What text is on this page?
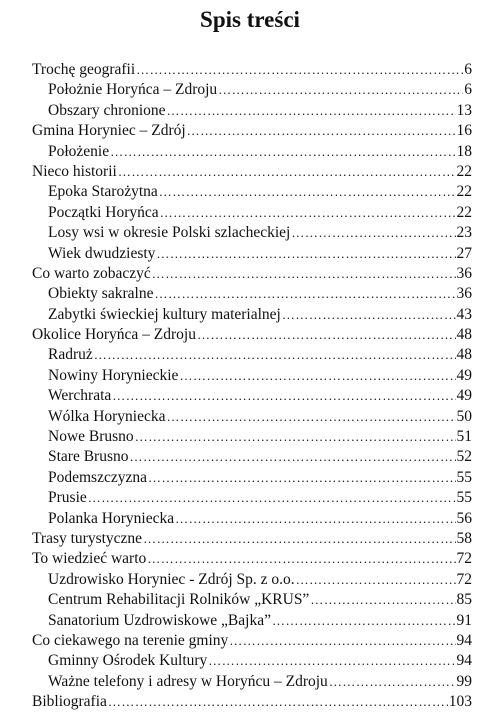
Spis treści
Trochę geografii ………………………………………………………………………………………………………………………………	6
Położnie Horyńca – Zdroju ………………………………………………………………………………………………………………………………	6
Obszary chronione ………………………………………………………………………………………………………………………………	13
Gmina Horyniec – Zdrój ………………………………………………………………………………………………………………………………	16
Położenie ………………………………………………………………………………………………………………………………	18
Nieco historii ………………………………………………………………………………………………………………………………	22
Epoka Starożytna ………………………………………………………………………………………………………………………………	22
Początki Horyńca ………………………………………………………………………………………………………………………………	22
Losy wsi w okresie Polski szlacheckiej ………………………………………………………………………………………………………………………………	23
Wiek dwudziesty ………………………………………………………………………………………………………………………………	27
Co warto zobaczyć ………………………………………………………………………………………………………………………………	36
Obiekty sakralne ………………………………………………………………………………………………………………………………	36
Zabytki świeckiej kultury materialnej ………………………………………………………………………………………………………………………………	43
Okolice Horyńca – Zdroju ………………………………………………………………………………………………………………………………	48
Radruż ………………………………………………………………………………………………………………………………	48
Nowiny Horynieckie ………………………………………………………………………………………………………………………………	49
Werchrata ………………………………………………………………………………………………………………………………	49
Wólka Horyniecka ………………………………………………………………………………………………………………………………	50
Nowe Brusno ………………………………………………………………………………………………………………………………	51
Stare Brusno ………………………………………………………………………………………………………………………………	52
Podemszczyzna ………………………………………………………………………………………………………………………………	55
Prusie ………………………………………………………………………………………………………………………………	55
Polanka Horyniecka ………………………………………………………………………………………………………………………………	56
Trasy turystyczne ………………………………………………………………………………………………………………………………	58
To wiedzieć warto ………………………………………………………………………………………………………………………………	72
Uzdrowisko Horyniec - Zdrój Sp. z o.o. ………………………………………………………………………………………………………………………………	72
Centrum Rehabilitacji Rolników „KRUS” ………………………………………………………………………………………………………………………………	85
Sanatorium Uzdrowiskowe „Bajka” ………………………………………………………………………………………………………………………………	91
Co ciekawego na terenie gminy ………………………………………………………………………………………………………………………………	94
Gminny Ośrodek Kultury ………………………………………………………………………………………………………………………………	94
Ważne telefony i adresy w Horyńcu – Zdroju ………………………………………………………………………………………………………………………………	99
Bibliografia ………………………………………………………………………………………………………………………………	103
